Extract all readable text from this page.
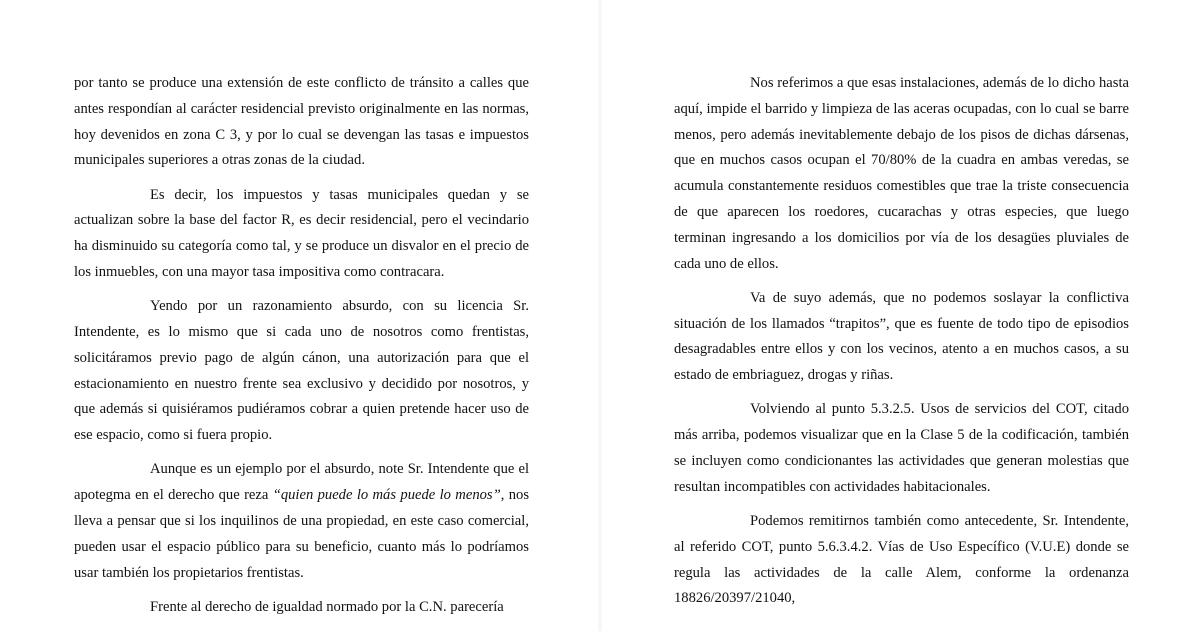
por tanto se produce una extensión de este conflicto de tránsito a calles que antes respondían al carácter residencial previsto originalmente en las normas, hoy devenidos en zona C 3, y por lo cual se devengan las tasas e impuestos municipales superiores a otras zonas de la ciudad.

Es decir, los impuestos y tasas municipales quedan y se actualizan sobre la base del factor R, es decir residencial, pero el vecindario ha disminuido su categoría como tal, y se produce un disvalor en el precio de los inmuebles, con una mayor tasa impositiva como contracara.

Yendo por un razonamiento absurdo, con su licencia Sr. Intendente, es lo mismo que si cada uno de nosotros como frentistas, solicitáramos previo pago de algún cánon, una autorización para que el estacionamiento en nuestro frente sea exclusivo y decidido por nosotros, y que además si quisiéramos pudiéramos cobrar a quien pretende hacer uso de ese espacio, como si fuera propio.

Aunque es un ejemplo por el absurdo, note Sr. Intendente que el apotegma en el derecho que reza “quien puede lo más puede lo menos”, nos lleva a pensar que si los inquilinos de una propiedad, en este caso comercial, pueden usar el espacio público para su beneficio, cuanto más lo podríamos usar también los propietarios frentistas.

Frente al derecho de igualdad normado por la C.N. parecería

Nos referimos a que esas instalaciones, además de lo dicho hasta aquí, impide el barrido y limpieza de las aceras ocupadas, con lo cual se barre menos, pero además inevitablemente debajo de los pisos de dichas dársenas, que en muchos casos ocupan el 70/80% de la cuadra en ambas veredas, se acumula constantemente residuos comestibles que trae la triste consecuencia de que aparecen los roedores, cucarachas y otras especies, que luego terminan ingresando a los domicilios por vía de los desagües pluviales de cada uno de ellos.

Va de suyo además, que no podemos soslayar la conflictiva situación de los llamados “trapitos”, que es fuente de todo tipo de episodios desagradables entre ellos y con los vecinos, atento a en muchos casos, a su estado de embriaguez, drogas y riñas.

Volviendo al punto 5.3.2.5. Usos de servicios del COT, citado más arriba, podemos visualizar que en la Clase 5 de la codificación, también se incluyen como condicionantes las actividades que generan molestias que resultan incompatibles con actividades habitacionales.

Podemos remitirnos también como antecedente, Sr. Intendente, al referido COT, punto 5.6.3.4.2. Vías de Uso Específico (V.U.E) donde se regula las actividades de la calle Alem, conforme la ordenanza 18826/20397/21040,
